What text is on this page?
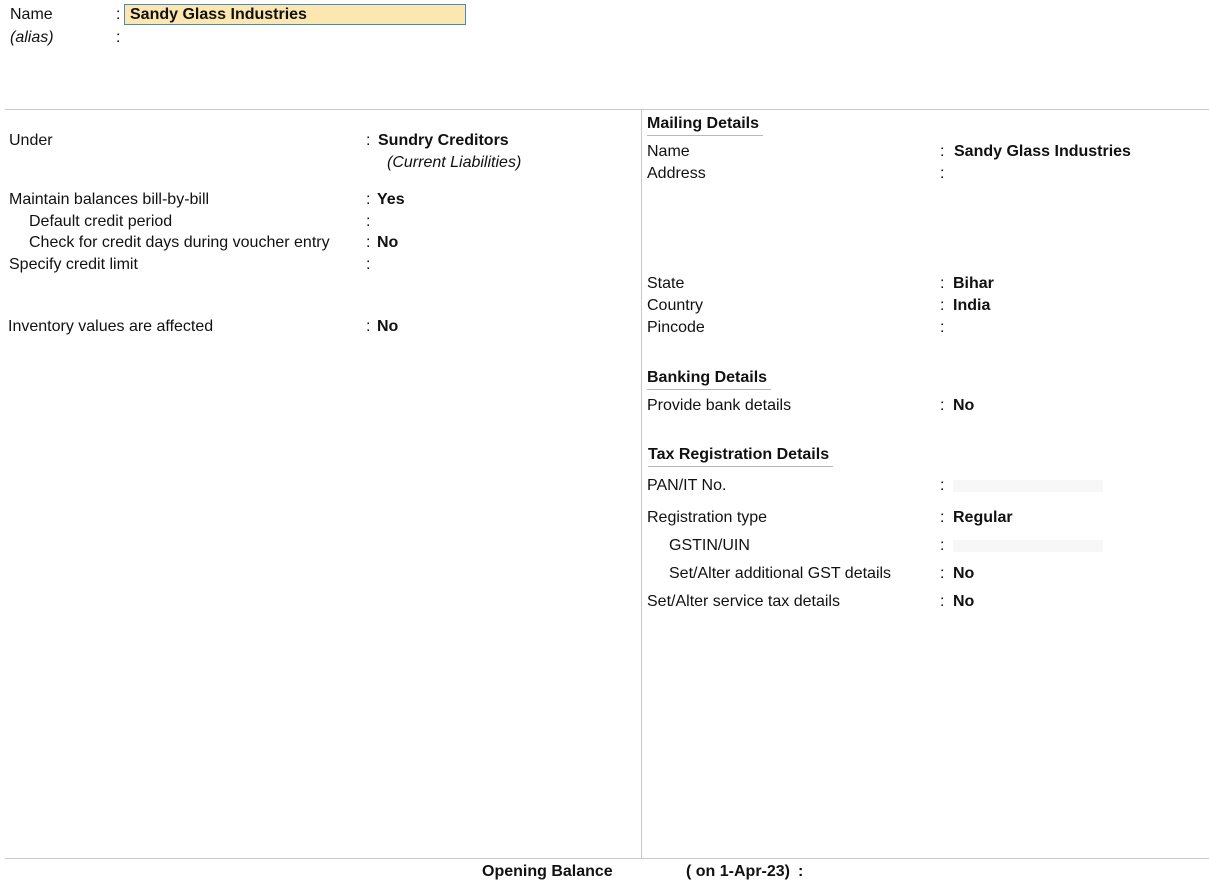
Name	:
Sandy Glass Industries
(alias)	:
Under	: Sundry Creditors
(Current Liabilities)
Maintain balances bill-by-bill	: Yes
Default credit period	:
Check for credit days during voucher entry : No
Specify credit limit	:
Inventory values are affected	: No
Mailing Details
Name	: Sandy Glass Industries
Address	:
State	: Bihar
Country	: India
Pincode	:
Banking Details
Provide bank details	: No
Tax Registration Details
PAN/IT No.	:
Registration type	: Regular
GSTIN/UIN	:
Set/Alter additional GST details	: No
Set/Alter service tax details	: No
Opening Balance	( on 1-Apr-23) :
